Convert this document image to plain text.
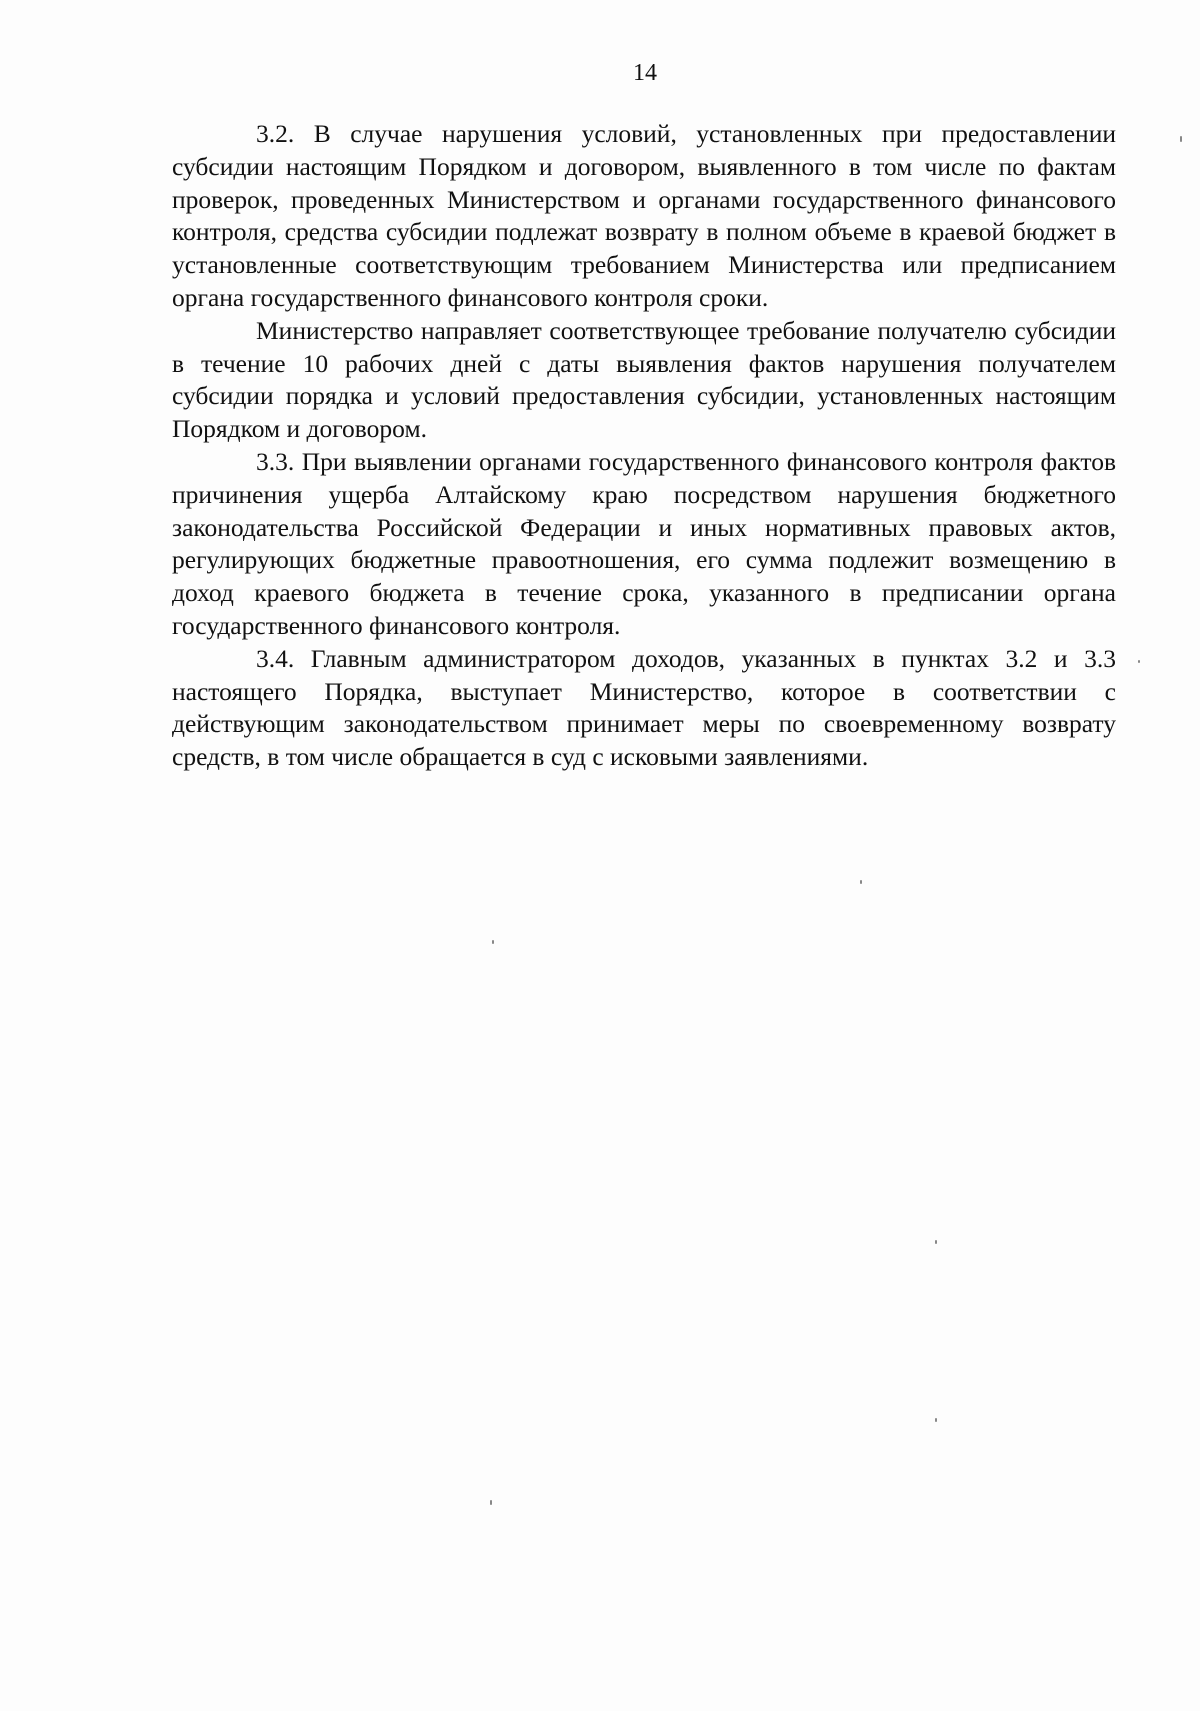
14

3.2. В случае нарушения условий, установленных при предоставлении субсидии настоящим Порядком и договором, выявленного в том числе по фактам проверок, проведенных Министерством и органами государственного финансового контроля, средства субсидии подлежат возврату в полном объеме в краевой бюджет в установленные соответствующим требованием Министерства или предписанием органа государственного финансового контроля сроки.

Министерство направляет соответствующее требование получателю субсидии в течение 10 рабочих дней с даты выявления фактов нарушения получателем субсидии порядка и условий предоставления субсидии, установленных настоящим Порядком и договором.

3.3. При выявлении органами государственного финансового контроля фактов причинения ущерба Алтайскому краю посредством нарушения бюджетного законодательства Российской Федерации и иных нормативных правовых актов, регулирующих бюджетные правоотношения, его сумма подлежит возмещению в доход краевого бюджета в течение срока, указанного в предписании органа государственного финансового контроля.

3.4. Главным администратором доходов, указанных в пунктах 3.2 и 3.3 настоящего Порядка, выступает Министерство, которое в соответствии с действующим законодательством принимает меры по своевременному возврату средств, в том числе обращается в суд с исковыми заявлениями.
